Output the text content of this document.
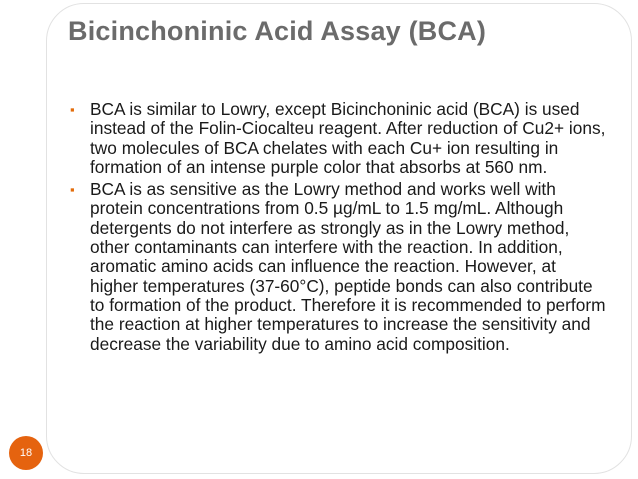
Bicinchoninic Acid Assay (BCA)
▪ BCA is similar to Lowry, except Bicinchoninic acid (BCA) is used instead of the Folin-Ciocalteu reagent. After reduction of Cu2+ ions, two molecules of BCA chelates with each Cu+ ion resulting in formation of an intense purple color that absorbs at 560 nm.
▪ BCA is as sensitive as the Lowry method and works well with protein concentrations from 0.5 µg/mL to 1.5 mg/mL. Although detergents do not interfere as strongly as in the Lowry method, other contaminants can interfere with the reaction. In addition, aromatic amino acids can influence the reaction. However, at higher temperatures (37-60°C), peptide bonds can also contribute to formation of the product. Therefore it is recommended to perform the reaction at higher temperatures to increase the sensitivity and decrease the variability due to amino acid composition.
18
